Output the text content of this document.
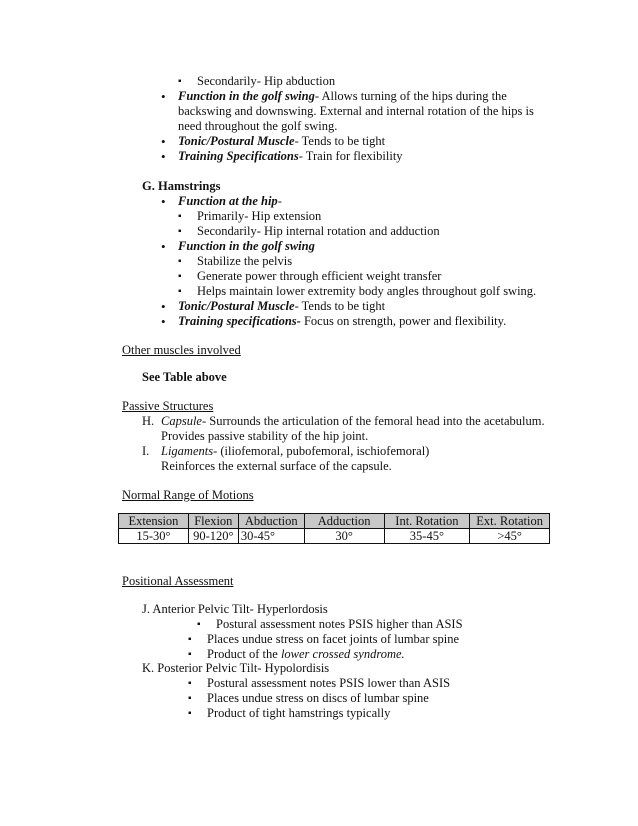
▪ Secondarily- Hip abduction
• Function in the golf swing- Allows turning of the hips during the
backswing and downswing. External and internal rotation of the hips is
need throughout the golf swing.
• Tonic/Postural Muscle- Tends to be tight
• Training Specifications- Train for flexibility
G. Hamstrings
• Function at the hip-
▪ Primarily- Hip extension
▪ Secondarily- Hip internal rotation and adduction
• Function in the golf swing
▪ Stabilize the pelvis
▪ Generate power through efficient weight transfer
▪ Helps maintain lower extremity body angles throughout golf swing.
• Tonic/Postural Muscle- Tends to be tight
• Training specifications- Focus on strength, power and flexibility.
Other muscles involved
See Table above
Passive Structures
H. Capsule- Surrounds the articulation of the femoral head into the acetabulum.
Provides passive stability of the hip joint.
I. Ligaments- (iliofemoral, pubofemoral, ischiofemoral)
Reinforces the external surface of the capsule.
Normal Range of Motions
Extension	Flexion	Abduction	Adduction	Int. Rotation	Ext. Rotation
15-30°	90-120°	30-45°	30°	35-45°	>45°
Positional Assessment
J. Anterior Pelvic Tilt- Hyperlordosis
▪ Postural assessment notes PSIS higher than ASIS
▪ Places undue stress on facet joints of lumbar spine
▪ Product of the lower crossed syndrome.
K. Posterior Pelvic Tilt- Hypolordisis
▪ Postural assessment notes PSIS lower than ASIS
▪ Places undue stress on discs of lumbar spine
▪ Product of tight hamstrings typically
